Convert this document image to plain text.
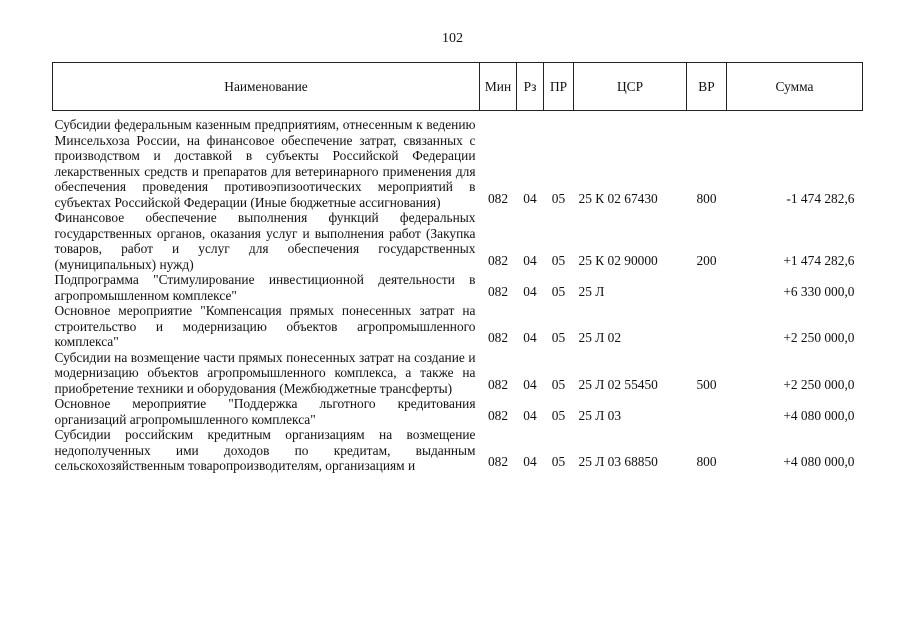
102
Наименование	Мин	Рз	ПР	ЦСР	ВР	Сумма
Субсидии федеральным казенным предприятиям, отнесенным к ведению Минсельхоза России, на финансовое обеспечение затрат, связанных с производством и доставкой в субъекты Российской Федерации лекарственных средств и препаратов для ветеринарного применения для обеспечения проведения противоэпизоотических мероприятий в субъектах Российской Федерации (Иные бюджетные ассигнования)	082	04	05	25 К 02 67430	800	-1 474 282,6
Финансовое обеспечение выполнения функций федеральных государственных органов, оказания услуг и выполнения работ (Закупка товаров, работ и услуг для обеспечения государственных (муниципальных) нужд)	082	04	05	25 К 02 90000	200	+1 474 282,6
Подпрограмма "Стимулирование инвестиционной деятельности в агропромышленном комплексе"	082	04	05	25 Л		+6 330 000,0
Основное мероприятие "Компенсация прямых понесенных затрат на строительство и модернизацию объектов агропромышленного комплекса"	082	04	05	25 Л 02		+2 250 000,0
Субсидии на возмещение части прямых понесенных затрат на создание и модернизацию объектов агропромышленного комплекса, а также на приобретение техники и оборудования (Межбюджетные трансферты)	082	04	05	25 Л 02 55450	500	+2 250 000,0
Основное мероприятие "Поддержка льготного кредитования организаций агропромышленного комплекса"	082	04	05	25 Л 03		+4 080 000,0
Субсидии российским кредитным организациям на возмещение недополученных ими доходов по кредитам, выданным сельскохозяйственным товаропроизводителям, организациям и	082	04	05	25 Л 03 68850	800	+4 080 000,0
